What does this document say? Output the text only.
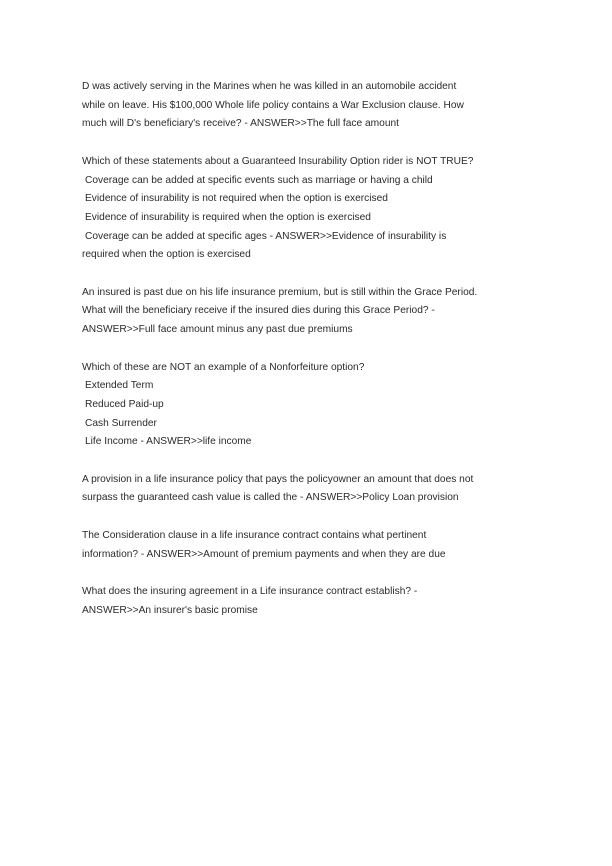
D was actively serving in the Marines when he was killed in an automobile accident
while on leave. His $100,000 Whole life policy contains a War Exclusion clause. How
much will D's beneficiary's receive? - ANSWER>>The full face amount
Which of these statements about a Guaranteed Insurability Option rider is NOT TRUE?
Coverage can be added at specific events such as marriage or having a child
Evidence of insurability is not required when the option is exercised
Evidence of insurability is required when the option is exercised
Coverage can be added at specific ages - ANSWER>>Evidence of insurability is
required when the option is exercised
An insured is past due on his life insurance premium, but is still within the Grace Period.
What will the beneficiary receive if the insured dies during this Grace Period? -
ANSWER>>Full face amount minus any past due premiums
Which of these are NOT an example of a Nonforfeiture option?
Extended Term
Reduced Paid-up
Cash Surrender
Life Income - ANSWER>>life income
A provision in a life insurance policy that pays the policyowner an amount that does not
surpass the guaranteed cash value is called the - ANSWER>>Policy Loan provision
The Consideration clause in a life insurance contract contains what pertinent
information? - ANSWER>>Amount of premium payments and when they are due
What does the insuring agreement in a Life insurance contract establish? -
ANSWER>>An insurer's basic promise
